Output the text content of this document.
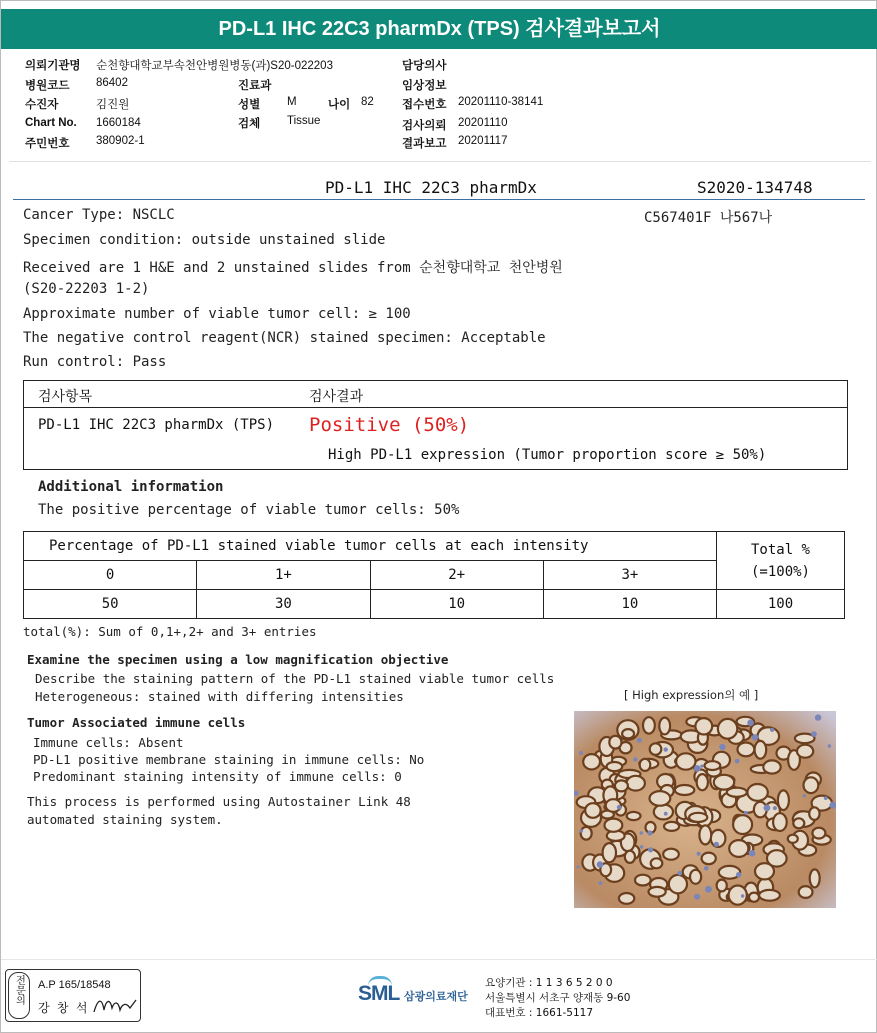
PD-L1 IHC 22C3 pharmDx (TPS) 검사결과보고서
의뢰기관명 순천향대학교부속천안병원병동(과)S20-022203
병원코드 86402	진료과
수진자	김진원	성별 M	나이 82
Chart No. 1660184	검체 Tissue
주민번호 380902-1
담당의사
임상정보
접수번호 20201110-38141
검사의뢰 20201110
결과보고 20201117
PD-L1 IHC 22C3 pharmDx	S2020-134748
Cancer Type: NSCLC	C567401F 나567나
Specimen condition: outside unstained slide
Received are 1 H&E and 2 unstained slides from 순천향대학교 천안병원
(S20-22203 1-2)
Approximate number of viable tumor cell: ≥ 100
The negative control reagent(NCR) stained specimen: Acceptable
Run control: Pass
검사항목	검사결과
PD-L1 IHC 22C3 pharmDx (TPS) Positive (50%)
High PD-L1 expression (Tumor proportion score ≥ 50%)
Additional information
The positive percentage of viable tumor cells: 50%
Percentage of PD-L1 stained viable tumor cells at each intensity				Total %
(=100%)
0	1+	2+	3+	
50	30	10	10	100
total(%): Sum of 0,1+,2+ and 3+ entries
Examine the specimen using a low magnification objective
Describe the staining pattern of the PD-L1 stained viable tumor cells
Heterogeneous: stained with differing intensities
Tumor Associated immune cells
Immune cells: Absent
PD-L1 positive membrane staining in immune cells: No
Predominant staining intensity of immune cells: 0
This process is performed using Autostainer Link 48
automated staining system.
[ High expression의 예 ]
전문의	A.P 165/18548
강 창 석
SML 삼광의료재단
요양기관 : 1 1 3 6 5 2 0 0
서울특별시 서초구 양재동 9-60
대표번호 : 1661-5117
